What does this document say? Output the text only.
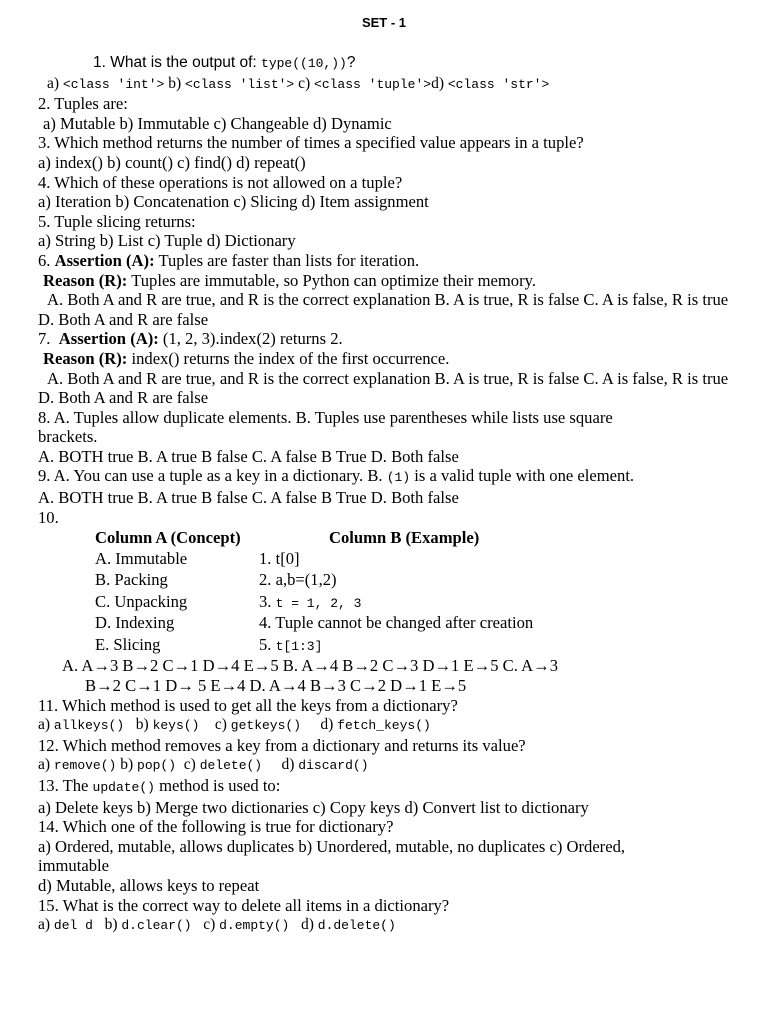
SET - 1
1. What is the output of: type((10,))?
a) <class 'int'> b) <class 'list'> c) <class 'tuple'>d) <class 'str'>
2. Tuples are:
a) Mutable b) Immutable c) Changeable d) Dynamic
3. Which method returns the number of times a specified value appears in a tuple?
a) index() b) count() c) find() d) repeat()
4. Which of these operations is not allowed on a tuple?
a) Iteration b) Concatenation c) Slicing d) Item assignment
5. Tuple slicing returns:
a) String b) List c) Tuple d) Dictionary
6. Assertion (A): Tuples are faster than lists for iteration.
Reason (R): Tuples are immutable, so Python can optimize their memory.
A. Both A and R are true, and R is the correct explanation B. A is true, R is false C. A is false, R is true
D. Both A and R are false
7.  Assertion (A): (1, 2, 3).index(2) returns 2.
Reason (R): index() returns the index of the first occurrence.
A. Both A and R are true, and R is the correct explanation B. A is true, R is false C. A is false, R is true
D. Both A and R are false
8. A. Tuples allow duplicate elements. B. Tuples use parentheses while lists use square brackets.
A. BOTH true B. A true B false C. A false B True D. Both false
9. A. You can use a tuple as a key in a dictionary. B. (1) is a valid tuple with one element.
A. BOTH true B. A true B false C. A false B True D. Both false
10.
Column A (Concept)	Column B (Example)
A. Immutable	1. t[0]
B. Packing	2. a,b=(1,2)
C. Unpacking	3. t = 1, 2, 3
D. Indexing	4. Tuple cannot be changed after creation
E. Slicing	5. t[1:3]
A. A→3 B→2 C→1 D→4 E→5 B. A→4 B→2 C→3 D→1 E→5 C. A→3
B→2 C→1 D→ 5 E→4 D. A→4 B→3 C→2 D→1 E→5
11. Which method is used to get all the keys from a dictionary?
a) allkeys()   b) keys()    c) getkeys()     d) fetch_keys()
12. Which method removes a key from a dictionary and returns its value?
a) remove() b) pop()  c) delete()     d) discard()
13. The update() method is used to:
a) Delete keys b) Merge two dictionaries c) Copy keys d) Convert list to dictionary
14. Which one of the following is true for dictionary?
a) Ordered, mutable, allows duplicates b) Unordered, mutable, no duplicates c) Ordered, immutable
d) Mutable, allows keys to repeat
15. What is the correct way to delete all items in a dictionary?
a) del d   b) d.clear()   c) d.empty()   d) d.delete()
